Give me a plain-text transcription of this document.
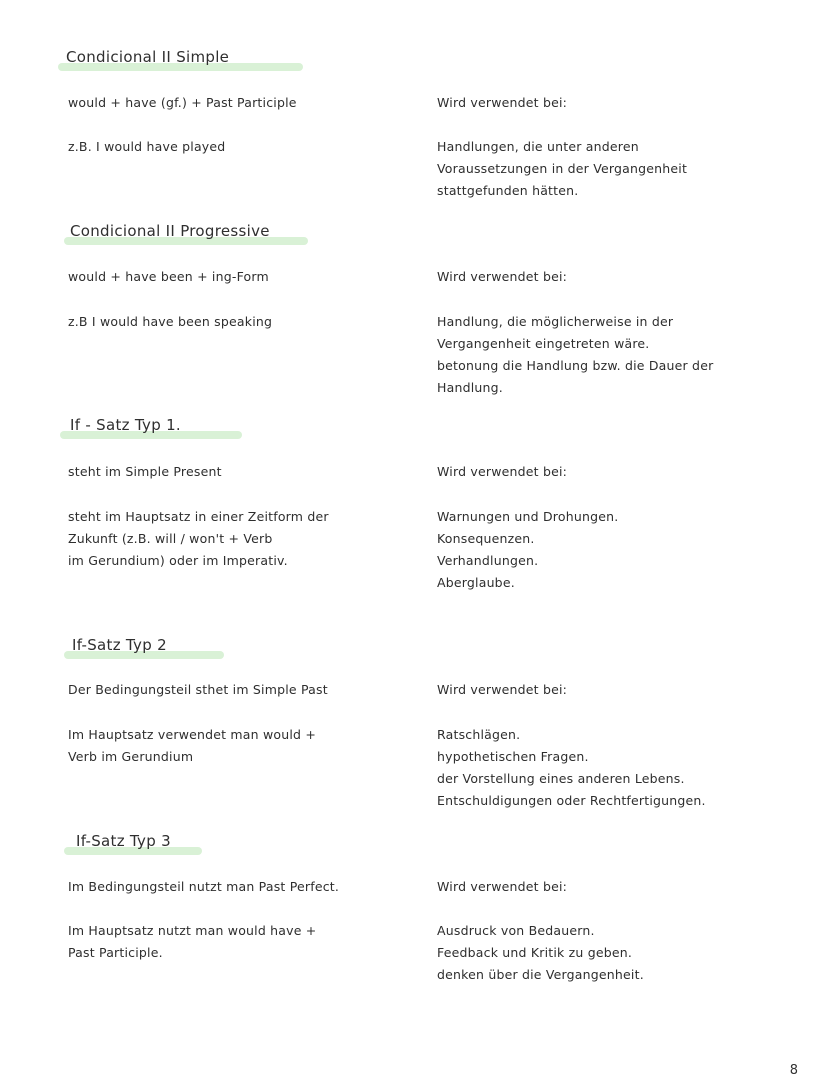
Condicional II Simple
would + have (gf.) + Past Participle
z.B. I would have played
Wird verwendet bei:
Handlungen, die unter anderen
Voraussetzungen in der Vergangenheit
stattgefunden hätten.
Condicional II Progressive
would + have been + ing-Form
z.B I would have been speaking
Wird verwendet bei:
Handlung, die möglicherweise in der
Vergangenheit eingetreten wäre.
betonung die Handlung bzw. die Dauer der
Handlung.
If - Satz Typ 1.
steht im Simple Present
steht im Hauptsatz in einer Zeitform der
Zukunft (z.B. will / won't + Verb
im Gerundium) oder im Imperativ.
Wird verwendet bei:
Warnungen und Drohungen.
Konsequenzen.
Verhandlungen.
Aberglaube.
If-Satz Typ 2
Der Bedingungsteil sthet im Simple Past
Im Hauptsatz verwendet man would +
Verb im Gerundium
Wird verwendet bei:
Ratschlägen.
hypothetischen Fragen.
der Vorstellung eines anderen Lebens.
Entschuldigungen oder Rechtfertigungen.
If-Satz Typ 3
Im Bedingungsteil nutzt man Past Perfect.
Im Hauptsatz nutzt man would have +
Past Participle.
Wird verwendet bei:
Ausdruck von Bedauern.
Feedback und Kritik zu geben.
denken über die Vergangenheit.
8
